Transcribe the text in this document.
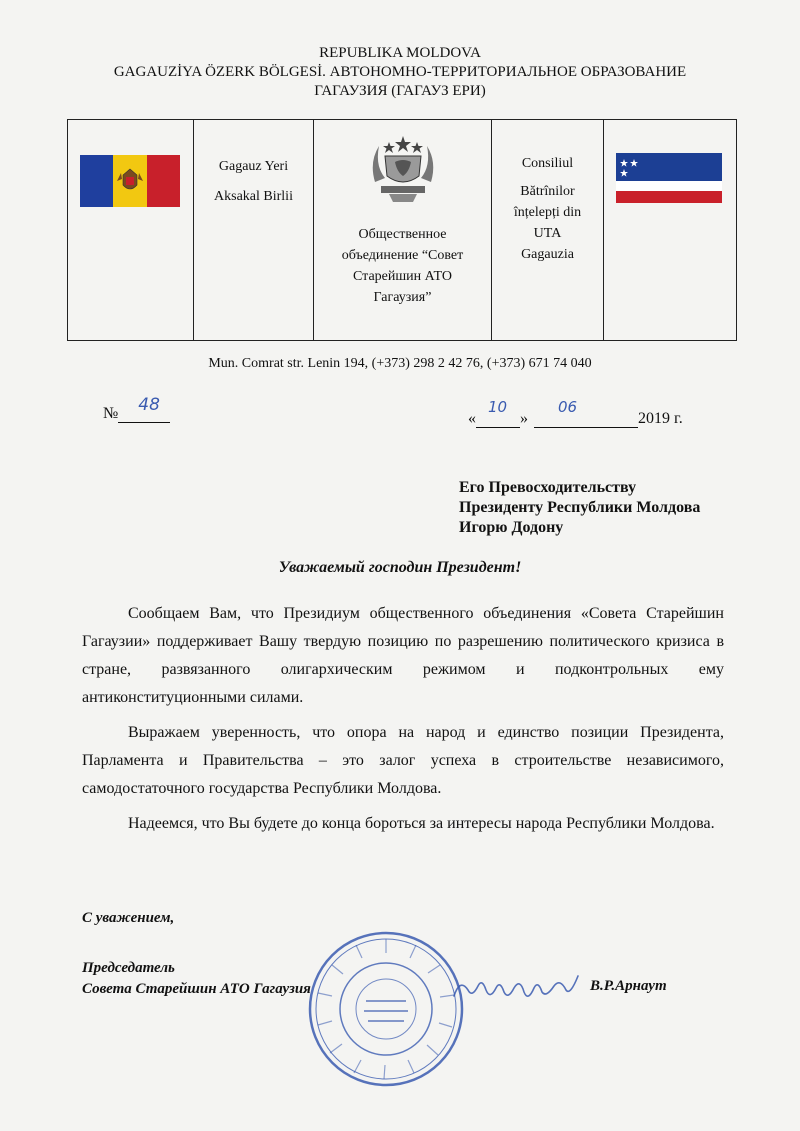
REPUBLIKA MOLDOVA
GAGAUZİYA ÖZERK BÖLGESİ. АВТОНОМНО-ТЕРРИТОРИАЛЬНОЕ ОБРАЗОВАНИЕ
ГАГАУЗИЯ (ГАГАУЗ ЕРИ)

Gagauz Yeri
Aksakal Birlii

Общественное
объединение “Совет
Старейшин АТО
Гагаузия”

Consiliul
Bătrînilor
înțelepți din
UTA
Gagauzia

Mun. Comrat str. Lenin 194, (+373) 298 2 42 76, (+373) 671 74 040
№ 48
«
10
»
06
2019 г.
Его Превосходительству
Президенту Республики Молдова
Игорю Додону
Уважаемый господин Президент!

Сообщаем Вам, что Президиум общественного объединения «Совета Старейшин Гагаузии» поддерживает Вашу твердую позицию по разрешению политического кризиса в стране, развязанного олигархическим режимом и подконтрольных ему антиконституционными силами.

Выражаем уверенность, что опора на народ и единство позиции Президента, Парламента и Правительства – это залог успеха в строительстве независимого, самодостаточного государства Республики Молдова.

Надеемся, что Вы будете до конца бороться за интересы народа Республики Молдова.

С уважением,
Председатель
Совета Старейшин АТО Гагаузия	В.Р.Арнаут
